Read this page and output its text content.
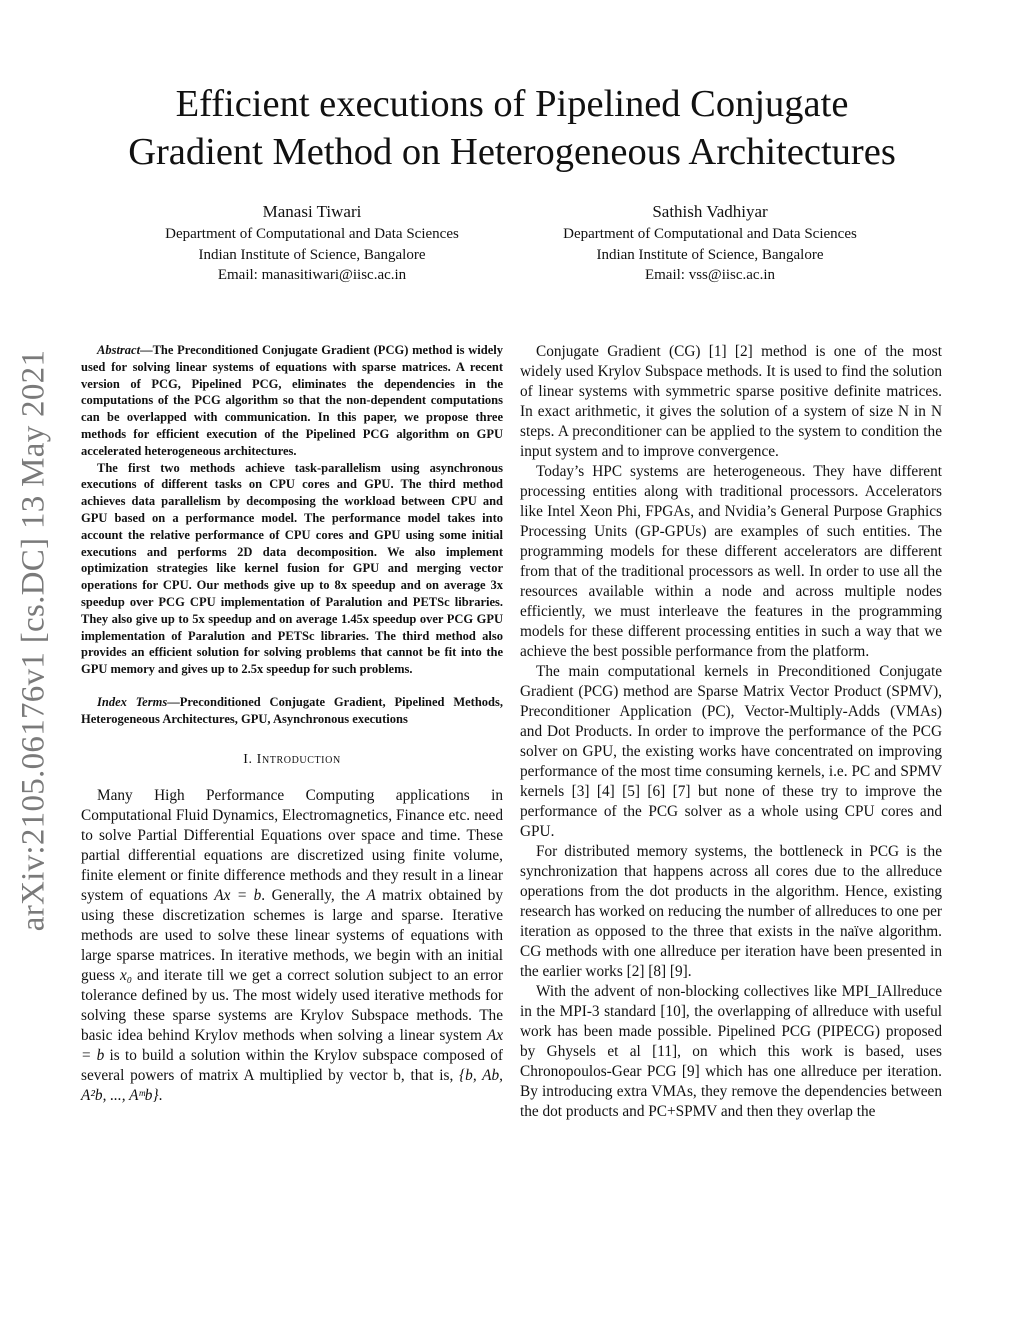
arXiv:2105.06176v1 [cs.DC] 13 May 2021
Efficient executions of Pipelined Conjugate
Gradient Method on Heterogeneous Architectures
Manasi Tiwari
Department of Computational and Data Sciences
Indian Institute of Science, Bangalore
Email: manasitiwari@iisc.ac.in
Sathish Vadhiyar
Department of Computational and Data Sciences
Indian Institute of Science, Bangalore
Email: vss@iisc.ac.in

Abstract—The Preconditioned Conjugate Gradient (PCG) method is widely used for solving linear systems of equations with sparse matrices. A recent version of PCG, Pipelined PCG, eliminates the dependencies in the computations of the PCG algorithm so that the non-dependent computations can be overlapped with communication. In this paper, we propose three methods for efficient execution of the Pipelined PCG algorithm on GPU accelerated heterogeneous architectures.

The first two methods achieve task-parallelism using asynchronous executions of different tasks on CPU cores and GPU. The third method achieves data parallelism by decomposing the workload between CPU and GPU based on a performance model. The performance model takes into account the relative performance of CPU cores and GPU using some initial executions and performs 2D data decomposition. We also implement optimization strategies like kernel fusion for GPU and merging vector operations for CPU. Our methods give up to 8x speedup and on average 3x speedup over PCG CPU implementation of Paralution and PETSc libraries. They also give up to 5x speedup and on average 1.45x speedup over PCG GPU implementation of Paralution and PETSc libraries. The third method also provides an efficient solution for solving problems that cannot be fit into the GPU memory and gives up to 2.5x speedup for such problems.

Index Terms—Preconditioned Conjugate Gradient, Pipelined Methods, Heterogeneous Architectures, GPU, Asynchronous executions
I. Introduction

Many High Performance Computing applications in Computational Fluid Dynamics, Electromagnetics, Finance etc. need to solve Partial Differential Equations over space and time. These partial differential equations are discretized using finite volume, finite element or finite difference methods and they result in a linear system of equations Ax = b. Generally, the A matrix obtained by using these discretization schemes is large and sparse. Iterative methods are used to solve these linear systems of equations with large sparse matrices. In iterative methods, we begin with an initial guess x₀ and iterate till we get a correct solution subject to an error tolerance defined by us. The most widely used iterative methods for solving these sparse systems are Krylov Subspace methods. The basic idea behind Krylov methods when solving a linear system Ax = b is to build a solution within the Krylov subspace composed of several powers of matrix A multiplied by vector b, that is, {b, Ab, A²b, ..., Aᵐb}.

Conjugate Gradient (CG) [1] [2] method is one of the most widely used Krylov Subspace methods. It is used to find the solution of linear systems with symmetric sparse positive definite matrices. In exact arithmetic, it gives the solution of a system of size N in N steps. A preconditioner can be applied to the system to condition the input system and to improve convergence.

Today’s HPC systems are heterogeneous. They have different processing entities along with traditional processors. Accelerators like Intel Xeon Phi, FPGAs, and Nvidia’s General Purpose Graphics Processing Units (GP-GPUs) are examples of such entities. The programming models for these different accelerators are different from that of the traditional processors as well. In order to use all the resources available within a node and across multiple nodes efficiently, we must interleave the features in the programming models for these different processing entities in such a way that we achieve the best possible performance from the platform.

The main computational kernels in Preconditioned Conjugate Gradient (PCG) method are Sparse Matrix Vector Product (SPMV), Preconditioner Application (PC), Vector-Multiply-Adds (VMAs) and Dot Products. In order to improve the performance of the PCG solver on GPU, the existing works have concentrated on improving performance of the most time consuming kernels, i.e. PC and SPMV kernels [3] [4] [5] [6] [7] but none of these try to improve the performance of the PCG solver as a whole using CPU cores and GPU.

For distributed memory systems, the bottleneck in PCG is the synchronization that happens across all cores due to the allreduce operations from the dot products in the algorithm. Hence, existing research has worked on reducing the number of allreduces to one per iteration as opposed to the three that exists in the naïve algorithm. CG methods with one allreduce per iteration have been presented in the earlier works [2] [8] [9].

With the advent of non-blocking collectives like MPI_IAllreduce in the MPI-3 standard [10], the overlapping of allreduce with useful work has been made possible. Pipelined PCG (PIPECG) proposed by Ghysels et al [11], on which this work is based, uses Chronopoulos-Gear PCG [9] which has one allreduce per iteration. By introducing extra VMAs, they remove the dependencies between the dot products and PC+SPMV and then they overlap the
